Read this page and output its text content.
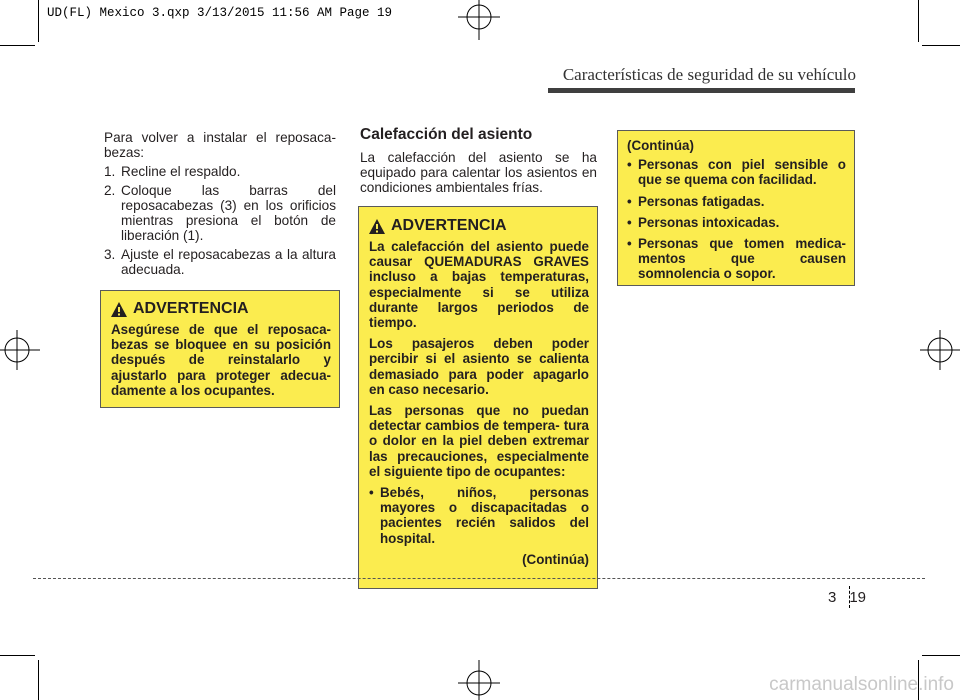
UD(FL) Mexico 3.qxp 3/13/2015 11:56 AM Page 19
Características de seguridad de su vehículo

Para volver a instalar el reposaca- bezas:

1. Recline el respaldo.
2. Coloque las barras del reposacabezas (3) en los orificios mientras presiona el botón de liberación (1).
3. Ajuste el reposacabezas a la altura adecuada.
ADVERTENCIA

Asegúrese de que el reposaca- bezas se bloquee en su posición después de reinstalarlo y ajustarlo para proteger adecua- damente a los ocupantes.

Calefacción del asiento

La calefacción del asiento se ha equipado para calentar los asientos en condiciones ambientales frías.

ADVERTENCIA

La calefacción del asiento puede causar QUEMADURAS GRAVES incluso a bajas temperaturas, especialmente si se utiliza durante largos periodos de tiempo.

Los pasajeros deben poder percibir si el asiento se calienta demasiado para poder apagarlo en caso necesario.

Las personas que no puedan detectar cambios de tempera- tura o dolor en la piel deben extremar las precauciones, especialmente el siguiente tipo de ocupantes:

• Bebés, niños, personas mayores o discapacitadas o pacientes recién salidos del hospital.
(Continúa)

(Continúa)

• Personas con piel sensible o que se quema con facilidad.
• Personas fatigadas.
• Personas intoxicadas.
• Personas que tomen medica- mentos que causen somnolencia o sopor.
3 19
carmanualsonline.info
